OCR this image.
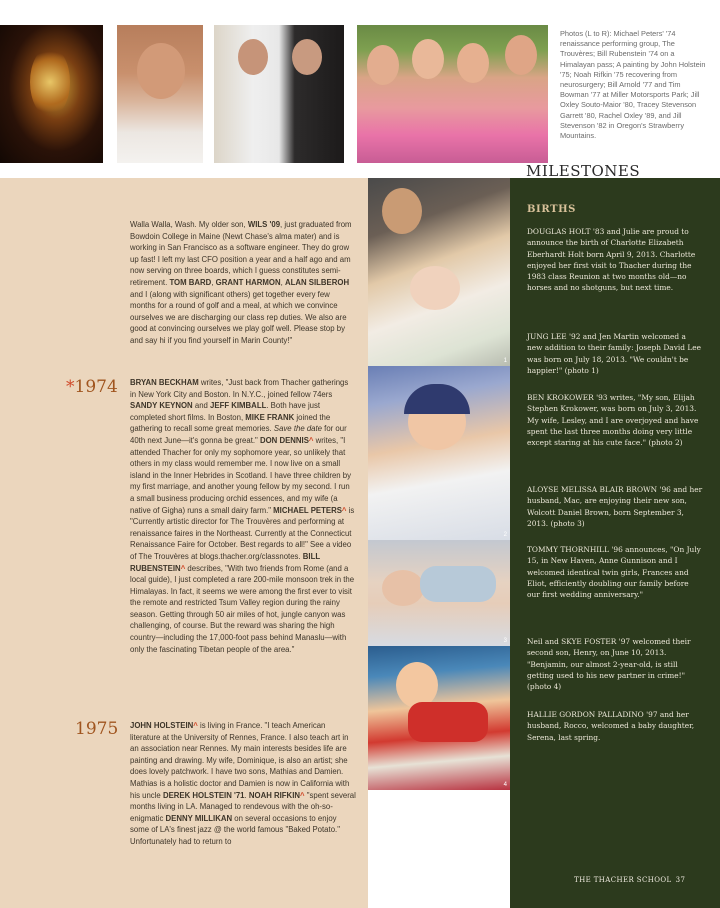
Photos (L to R): Michael Peters' '74 renaissance performing group, The Trouvères; Bill Rubenstein '74 on a Himalayan pass; A painting by John Holstein '75; Noah Rifkin '75 recovering from neurosurgery; Bill Arnold '77 and Tim Bowman '77 at Miller Motorsports Park; Jill Oxley Souto-Maior '80, Tracey Stevenson Garrett '80, Rachel Oxley '89, and Jill Stevenson '82 in Oregon's Strawberry Mountains.
MILESTONES

Walla Walla, Wash. My older son, WILS '09, just graduated from Bowdoin College in Maine (Newt Chase's alma mater) and is working in San Francisco as a software engineer. They do grow up fast! I left my last CFO position a year and a half ago and am now serving on three boards, which I guess constitutes semi-retirement. TOM BARD, GRANT HARMON, ALAN SILBEROH and I (along with significant others) get together every few months for a round of golf and a meal, at which we convince ourselves we are discharging our class rep duties. We also are good at convincing ourselves we play golf well. Please stop by and say hi if you find yourself in Marin County!"

*1974 BRYAN BECKHAM writes, "Just back from Thacher gatherings in New York City and Boston. In N.Y.C., joined fellow 74ers SANDY KEYNON and JEFF KIMBALL. Both have just completed short films. In Boston, MIKE FRANK joined the gathering to recall some great memories. Save the date for our 40th next June—it's gonna be great." DON DENNIS^ writes, "I attended Thacher for only my sophomore year, so unlikely that others in my class would remember me. I now live on a small island in the Inner Hebrides in Scotland. I have three children by my first marriage, and another young fellow by my second. I run a small business producing orchid essences, and my wife (a native of Gigha) runs a small dairy farm." MICHAEL PETERS^ is "Currently artistic director for The Trouvères and performing at renaissance faires in the Northeast. Currently at the Connecticut Renaissance Faire for October. Best regards to all!" See a video of The Trouvères at blogs.thacher.org/classnotes. BILL RUBENSTEIN^ describes, "With two friends from Rome (and a local guide), I just completed a rare 200-mile monsoon trek in the Himalayas. In fact, it seems we were among the first ever to visit the remote and restricted Tsum Valley region during the rainy season. Getting through 50 air miles of hot, jungle canyon was challenging, of course. But the reward was sharing the high country—including the 17,000-foot pass behind Manaslu—with only the fascinating Tibetan people of the area."

1975 JOHN HOLSTEIN^ is living in France. "I teach American literature at the University of Rennes, France. I also teach art in an association near Rennes. My main interests besides life are painting and drawing. My wife, Dominique, is also an artist; she does lovely patchwork. I have two sons, Mathias and Damien. Mathias is a holistic doctor and Damien is now in California with his uncle DEREK HOLSTEIN '71. NOAH RIFKIN^ "spent several months living in LA. Managed to rendevous with the oh-so-enigmatic DENNY MILLIKAN on several occasions to enjoy some of LA's finest jazz @ the world famous "Baked Potato." Unfortunately had to return to

1
2
3
4
BIRTHS

DOUGLAS HOLT '83 and Julie are proud to announce the birth of Charlotte Elizabeth Eberhardt Holt born April 9, 2013. Charlotte enjoyed her first visit to Thacher during the 1983 class Reunion at two months old—no horses and no shotguns, but next time.

JUNG LEE '92 and Jen Martin welcomed a new addition to their family: Joseph David Lee was born on July 18, 2013. "We couldn't be happier!" (photo 1)

BEN KROKOWER '93 writes, "My son, Elijah Stephen Krokower, was born on July 3, 2013. My wife, Lesley, and I are overjoyed and have spent the last three months doing very little except staring at his cute face." (photo 2)

ALOYSE MELISSA BLAIR BROWN '96 and her husband, Mac, are enjoying their new son, Wolcott Daniel Brown, born September 3, 2013. (photo 3)

TOMMY THORNHILL '96 announces, "On July 15, in New Haven, Anne Gunnison and I welcomed identical twin girls, Frances and Eliot, efficiently doubling our family before our first wedding anniversary."

Neil and SKYE FOSTER '97 welcomed their second son, Henry, on June 10, 2013. "Benjamin, our almost 2-year-old, is still getting used to his new partner in crime!" (photo 4)

HALLIE GORDON PALLADINO '97 and her husband, Rocco, welcomed a baby daughter, Serena, last spring.

THE THACHER SCHOOL 37
